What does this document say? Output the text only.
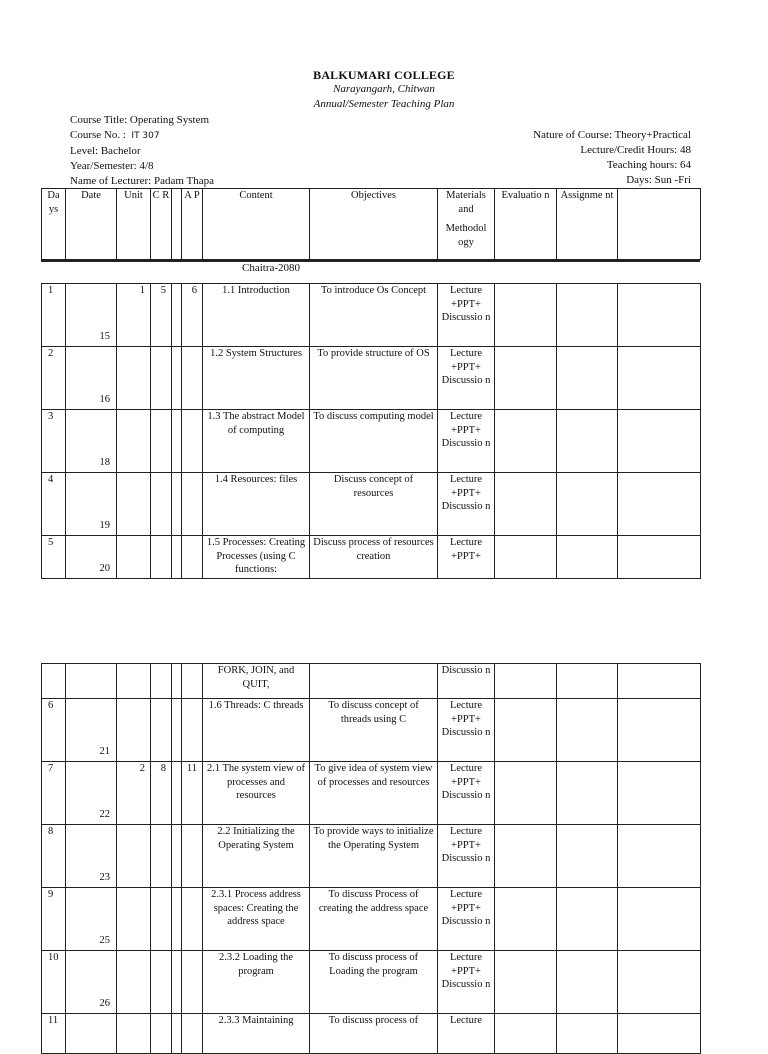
BALKUMARI COLLEGE
Narayangarh, Chitwan
Annual/Semester Teaching Plan
Course Title: Operating System
Course No. : IT 307
Level: Bachelor
Year/Semester: 4/8
Name of Lecturer: Padam Thapa
Nature of Course: Theory+Practical
Lecture/Credit Hours: 48
Teaching hours: 64
Days: Sun -Fri
Da ys	Date	Unit	C R		A P	Content	Objectives	Materials and
Methodol ogy
	Evaluatio n	Assignme nt	
Chaitra-2080
1	15	1	5		6	1.1 Introduction	To introduce Os Concept	Lecture +PPT+ Discussio n			
2	16					1.2 System Structures	To provide structure of OS	Lecture +PPT+ Discussio n			
3	18					1.3 The abstract Model of computing	To discuss computing model	Lecture +PPT+ Discussio n			
4	19					1.4 Resources: files	Discuss concept of resources	Lecture +PPT+ Discussio n			
5	20					1.5 Processes: Creating Processes (using C functions:	Discuss process of resources creation	Lecture +PPT+			

					FORK, JOIN, and QUIT,		Discussio n			
6	21					1.6 Threads: C threads	To discuss concept of threads using C	Lecture +PPT+ Discussio n			
7	22	2	8		11	2.1 The system view of processes and resources	To give idea of system view of processes and resources	Lecture +PPT+ Discussio n			
8	23					2.2 Initializing the Operating System	To provide ways to initialize the Operating System	Lecture +PPT+ Discussio n			
9	25					2.3.1 Process address spaces: Creating the address space	To discuss Process of creating the address space	Lecture +PPT+ Discussio n			
10	26					2.3.2 Loading the program	To discuss process of Loading the program	Lecture +PPT+ Discussio n			
11						2.3.3 Maintaining	To discuss process of	Lecture			
